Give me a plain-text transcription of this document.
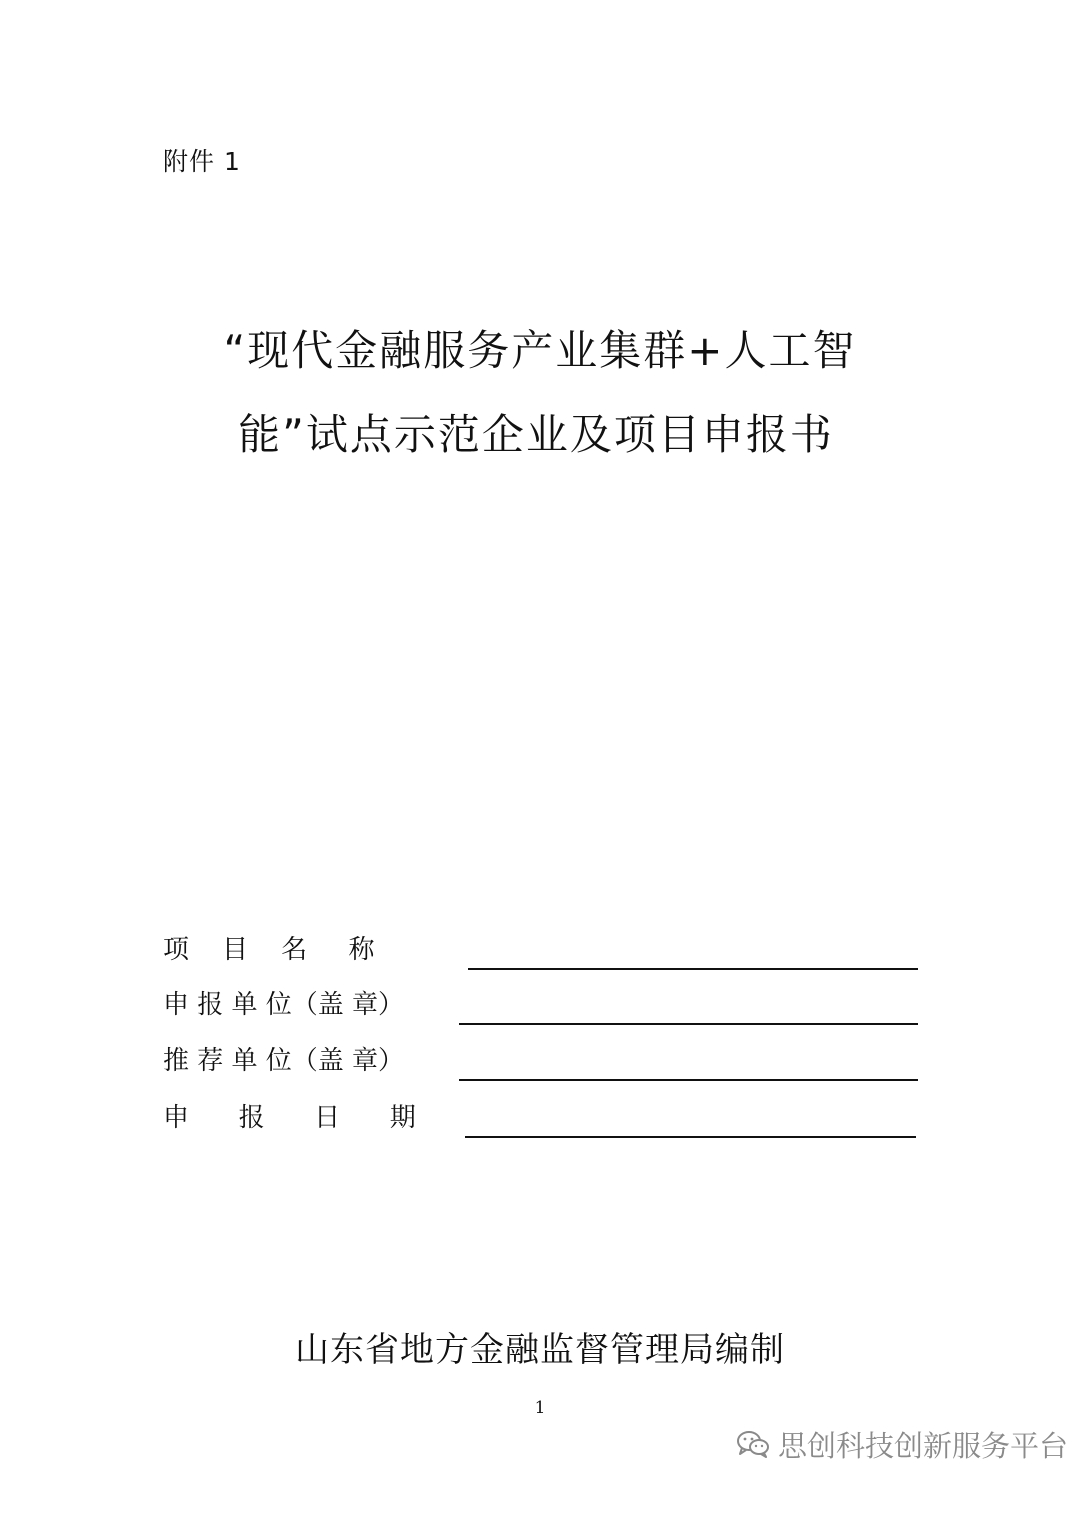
附件 1
“现代金融服务产业集群+人工智
能”试点示范企业及项目申报书
项    目    名     称
申 报 单 位（盖 章）
推 荐 单 位（盖 章）
申      报      日      期
山东省地方金融监督管理局编制
1
思创科技创新服务平台
